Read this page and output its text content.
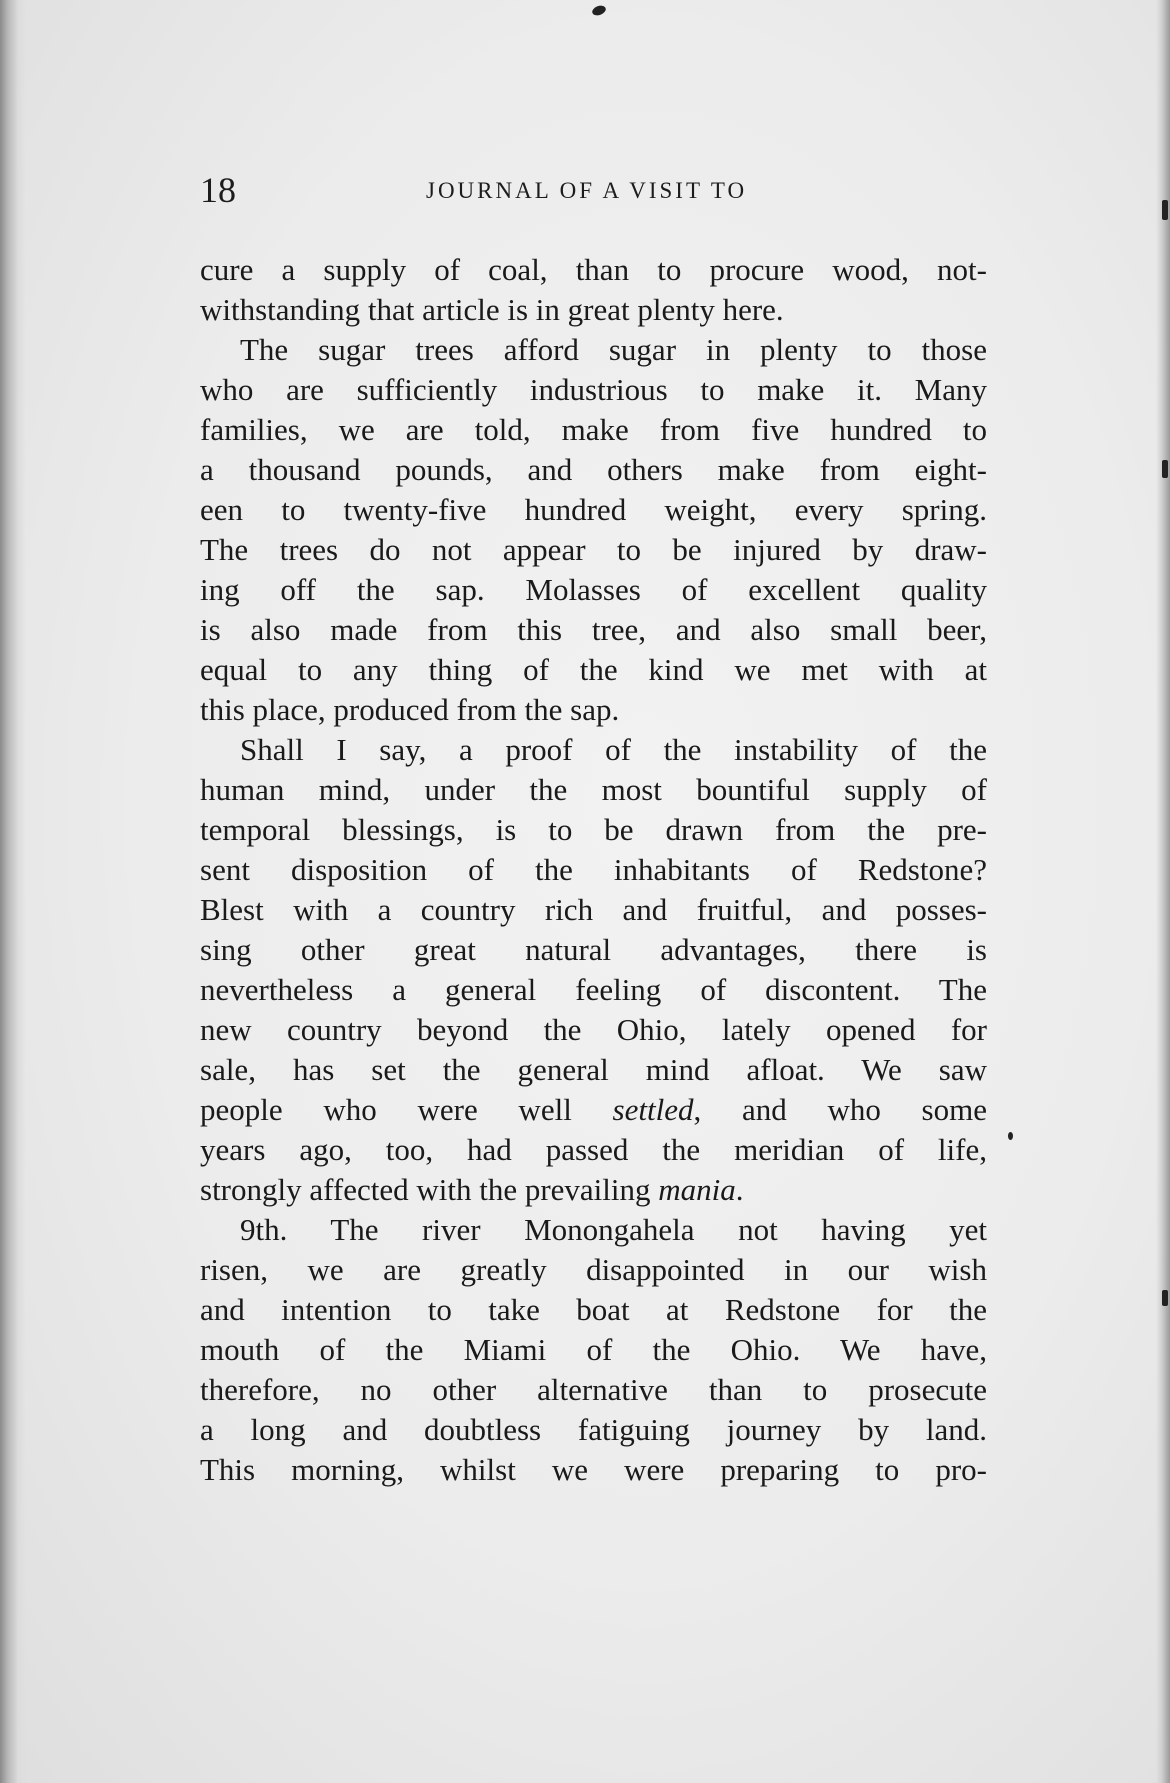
18	JOURNAL OF A VISIT TO
cure a supply of coal, than to procure wood, not-
withstanding that article is in great plenty here.
The sugar trees afford sugar in plenty to those
who are sufficiently industrious to make it. Many
families, we are told, make from five hundred to
a thousand pounds, and others make from eight-
een to twenty-five hundred weight, every spring.
The trees do not appear to be injured by draw-
ing off the sap. Molasses of excellent quality
is also made from this tree, and also small beer,
equal to any thing of the kind we met with at
this place, produced from the sap.
Shall I say, a proof of the instability of the
human mind, under the most bountiful supply of
temporal blessings, is to be drawn from the pre-
sent disposition of the inhabitants of Redstone?
Blest with a country rich and fruitful, and posses-
sing other great natural advantages, there is
nevertheless a general feeling of discontent. The
new country beyond the Ohio, lately opened for
sale, has set the general mind afloat. We saw
people who were well settled, and who some
years ago, too, had passed the meridian of life,
strongly affected with the prevailing mania.
9th. The river Monongahela not having yet
risen, we are greatly disappointed in our wish
and intention to take boat at Redstone for the
mouth of the Miami of the Ohio. We have,
therefore, no other alternative than to prosecute
a long and doubtless fatiguing journey by land.
This morning, whilst we were preparing to pro-
